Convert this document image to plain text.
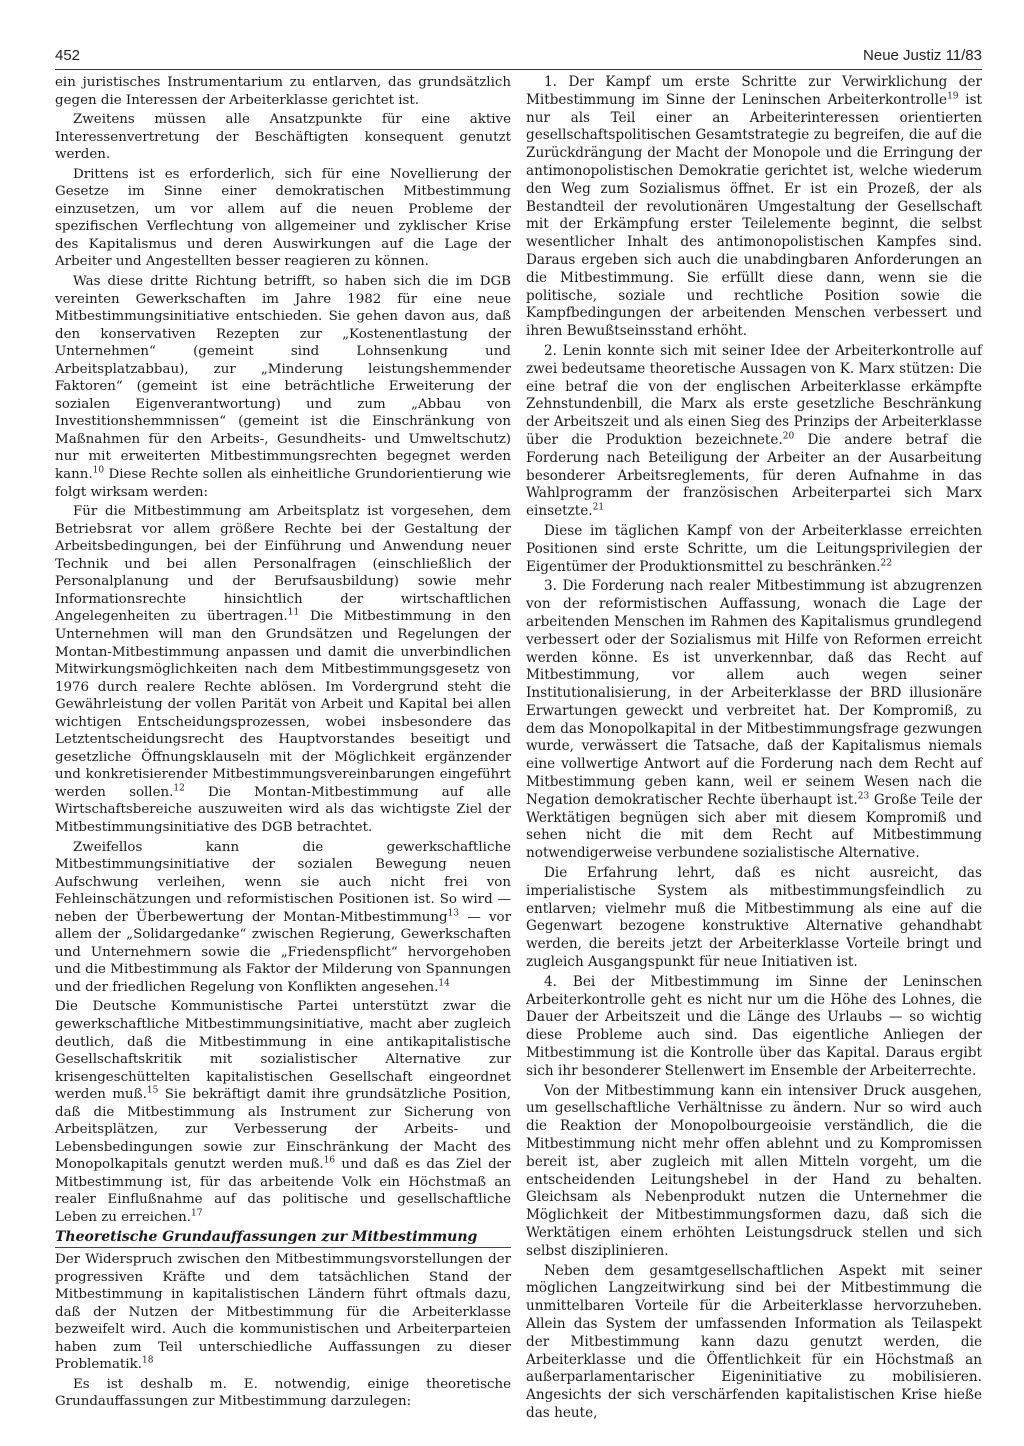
452	Neue Justiz 11/83

ein juristisches Instrumentarium zu entlarven, das grundsätzlich gegen die Interessen der Arbeiterklasse gerichtet ist.

Zweitens müssen alle Ansatzpunkte für eine aktive Interessenvertretung der Beschäftigten konsequent genutzt werden.

Drittens ist es erforderlich, sich für eine Novellierung der Gesetze im Sinne einer demokratischen Mitbestimmung einzusetzen, um vor allem auf die neuen Probleme der spezifischen Verflechtung von allgemeiner und zyklischer Krise des Kapitalismus und deren Auswirkungen auf die Lage der Arbeiter und Angestellten besser reagieren zu können.

Was diese dritte Richtung betrifft, so haben sich die im DGB vereinten Gewerkschaften im Jahre 1982 für eine neue Mitbestimmungsinitiative entschieden. Sie gehen davon aus, daß den konservativen Rezepten zur „Kostenentlastung der Unternehmen“ (gemeint sind Lohnsenkung und Arbeitsplatzabbau), zur „Minderung leistungshemmender Faktoren“ (gemeint ist eine beträchtliche Erweiterung der sozialen Eigenverantwortung) und zum „Abbau von Investitionshemmnissen“ (gemeint ist die Einschränkung von Maßnahmen für den Arbeits-, Gesundheits- und Umweltschutz) nur mit erweiterten Mitbestimmungsrechten begegnet werden kann.$^{10}$ Diese Rechte sollen als einheitliche Grundorientierung wie folgt wirksam werden:

Für die Mitbestimmung am Arbeitsplatz ist vorgesehen, dem Betriebsrat vor allem größere Rechte bei der Gestaltung der Arbeitsbedingungen, bei der Einführung und Anwendung neuer Technik und bei allen Personalfragen (einschließlich der Personalplanung und der Berufsausbildung) sowie mehr Informationsrechte hinsichtlich der wirtschaftlichen Angelegenheiten zu übertragen.$^{11}$ Die Mitbestimmung in den Unternehmen will man den Grundsätzen und Regelungen der Montan-Mitbestimmung anpassen und damit die unverbindlichen Mitwirkungsmöglichkeiten nach dem Mitbestimmungsgesetz von 1976 durch realere Rechte ablösen. Im Vordergrund steht die Gewährleistung der vollen Parität von Arbeit und Kapital bei allen wichtigen Entscheidungsprozessen, wobei insbesondere das Letztentscheidungsrecht des Hauptvorstandes beseitigt und gesetzliche Öffnungsklauseln mit der Möglichkeit ergänzender und konkretisierender Mitbestimmungsvereinbarungen eingeführt werden sollen.$^{12}$ Die Montan-Mitbestimmung auf alle Wirtschaftsbereiche auszuweiten wird als das wichtigste Ziel der Mitbestimmungsinitiative des DGB betrachtet.

Zweifellos kann die gewerkschaftliche Mitbestimmungsinitiative der sozialen Bewegung neuen Aufschwung verleihen, wenn sie auch nicht frei von Fehleinschätzungen und reformistischen Positionen ist. So wird — neben der Überbewertung der Montan-Mitbestimmung$^{13}$ — vor allem der „Solidargedanke“ zwischen Regierung, Gewerkschaften und Unternehmern sowie die „Friedenspflicht“ hervorgehoben und die Mitbestimmung als Faktor der Milderung von Spannungen und der friedlichen Regelung von Konflikten angesehen.$^{14}$

Die Deutsche Kommunistische Partei unterstützt zwar die gewerkschaftliche Mitbestimmungsinitiative, macht aber zugleich deutlich, daß die Mitbestimmung in eine antikapitalistische Gesellschaftskritik mit sozialistischer Alternative zur krisengeschüttelten kapitalistischen Gesellschaft eingeordnet werden muß.$^{15}$ Sie bekräftigt damit ihre grundsätzliche Position, daß die Mitbestimmung als Instrument zur Sicherung von Arbeitsplätzen, zur Verbesserung der Arbeits- und Lebensbedingungen sowie zur Einschränkung der Macht des Monopolkapitals genutzt werden muß.$^{16}$ und daß es das Ziel der Mitbestimmung ist, für das arbeitende Volk ein Höchstmaß an realer Einflußnahme auf das politische und gesellschaftliche Leben zu erreichen.$^{17}$

Theoretische Grundauffassungen zur Mitbestimmung

Der Widerspruch zwischen den Mitbestimmungsvorstellungen der progressiven Kräfte und dem tatsächlichen Stand der Mitbestimmung in kapitalistischen Ländern führt oftmals dazu, daß der Nutzen der Mitbestimmung für die Arbeiterklasse bezweifelt wird. Auch die kommunistischen und Arbeiterparteien haben zum Teil unterschiedliche Auffassungen zu dieser Problematik.$^{18}$

Es ist deshalb m. E. notwendig, einige theoretische Grundauffassungen zur Mitbestimmung darzulegen:

1. Der Kampf um erste Schritte zur Verwirklichung der Mitbestimmung im Sinne der Leninschen Arbeiterkontrolle$^{19}$ ist nur als Teil einer an Arbeiterinteressen orientierten gesellschaftspolitischen Gesamtstrategie zu begreifen, die auf die Zurückdrängung der Macht der Monopole und die Erringung der antimonopolistischen Demokratie gerichtet ist, welche wiederum den Weg zum Sozialismus öffnet. Er ist ein Prozeß, der als Bestandteil der revolutionären Umgestaltung der Gesellschaft mit der Erkämpfung erster Teilelemente beginnt, die selbst wesentlicher Inhalt des antimonopolistischen Kampfes sind. Daraus ergeben sich auch die unabdingbaren Anforderungen an die Mitbestimmung. Sie erfüllt diese dann, wenn sie die politische, soziale und rechtliche Position sowie die Kampfbedingungen der arbeitenden Menschen verbessert und ihren Bewußtseinsstand erhöht.

2. Lenin konnte sich mit seiner Idee der Arbeiterkontrolle auf zwei bedeutsame theoretische Aussagen von K. Marx stützen: Die eine betraf die von der englischen Arbeiterklasse erkämpfte Zehnstundenbill, die Marx als erste gesetzliche Beschränkung der Arbeitszeit und als einen Sieg des Prinzips der Arbeiterklasse über die Produktion bezeichnete.$^{20}$ Die andere betraf die Forderung nach Beteiligung der Arbeiter an der Ausarbeitung besonderer Arbeitsreglements, für deren Aufnahme in das Wahlprogramm der französischen Arbeiterpartei sich Marx einsetzte.$^{21}$

Diese im täglichen Kampf von der Arbeiterklasse erreichten Positionen sind erste Schritte, um die Leitungsprivilegien der Eigentümer der Produktionsmittel zu beschränken.$^{22}$

3. Die Forderung nach realer Mitbestimmung ist abzugrenzen von der reformistischen Auffassung, wonach die Lage der arbeitenden Menschen im Rahmen des Kapitalismus grundlegend verbessert oder der Sozialismus mit Hilfe von Reformen erreicht werden könne. Es ist unverkennbar, daß das Recht auf Mitbestimmung, vor allem auch wegen seiner Institutionalisierung, in der Arbeiterklasse der BRD illusionäre Erwartungen geweckt und verbreitet hat. Der Kompromiß, zu dem das Monopolkapital in der Mitbestimmungsfrage gezwungen wurde, verwässert die Tatsache, daß der Kapitalismus niemals eine vollwertige Antwort auf die Forderung nach dem Recht auf Mitbestimmung geben kann, weil er seinem Wesen nach die Negation demokratischer Rechte überhaupt ist.$^{23}$ Große Teile der Werktätigen begnügen sich aber mit diesem Kompromiß und sehen nicht die mit dem Recht auf Mitbestimmung notwendigerweise verbundene sozialistische Alternative.

Die Erfahrung lehrt, daß es nicht ausreicht, das imperialistische System als mitbestimmungsfeindlich zu entlarven; vielmehr muß die Mitbestimmung als eine auf die Gegenwart bezogene konstruktive Alternative gehandhabt werden, die bereits jetzt der Arbeiterklasse Vorteile bringt und zugleich Ausgangspunkt für neue Initiativen ist.

4. Bei der Mitbestimmung im Sinne der Leninschen Arbeiterkontrolle geht es nicht nur um die Höhe des Lohnes, die Dauer der Arbeitszeit und die Länge des Urlaubs — so wichtig diese Probleme auch sind. Das eigentliche Anliegen der Mitbestimmung ist die Kontrolle über das Kapital. Daraus ergibt sich ihr besonderer Stellenwert im Ensemble der Arbeiterrechte.

Von der Mitbestimmung kann ein intensiver Druck ausgehen, um gesellschaftliche Verhältnisse zu ändern. Nur so wird auch die Reaktion der Monopolbourgeoisie verständlich, die die Mitbestimmung nicht mehr offen ablehnt und zu Kompromissen bereit ist, aber zugleich mit allen Mitteln vorgeht, um die entscheidenden Leitungshebel in der Hand zu behalten. Gleichsam als Nebenprodukt nutzen die Unternehmer die Möglichkeit der Mitbestimmungsformen dazu, daß sich die Werktätigen einem erhöhten Leistungsdruck stellen und sich selbst disziplinieren.

Neben dem gesamtgesellschaftlichen Aspekt mit seiner möglichen Langzeitwirkung sind bei der Mitbestimmung die unmittelbaren Vorteile für die Arbeiterklasse hervorzuheben. Allein das System der umfassenden Information als Teilaspekt der Mitbestimmung kann dazu genutzt werden, die Arbeiterklasse und die Öffentlichkeit für ein Höchstmaß an außerparlamentarischer Eigeninitiative zu mobilisieren. Angesichts der sich verschärfenden kapitalistischen Krise hieße das heute,
